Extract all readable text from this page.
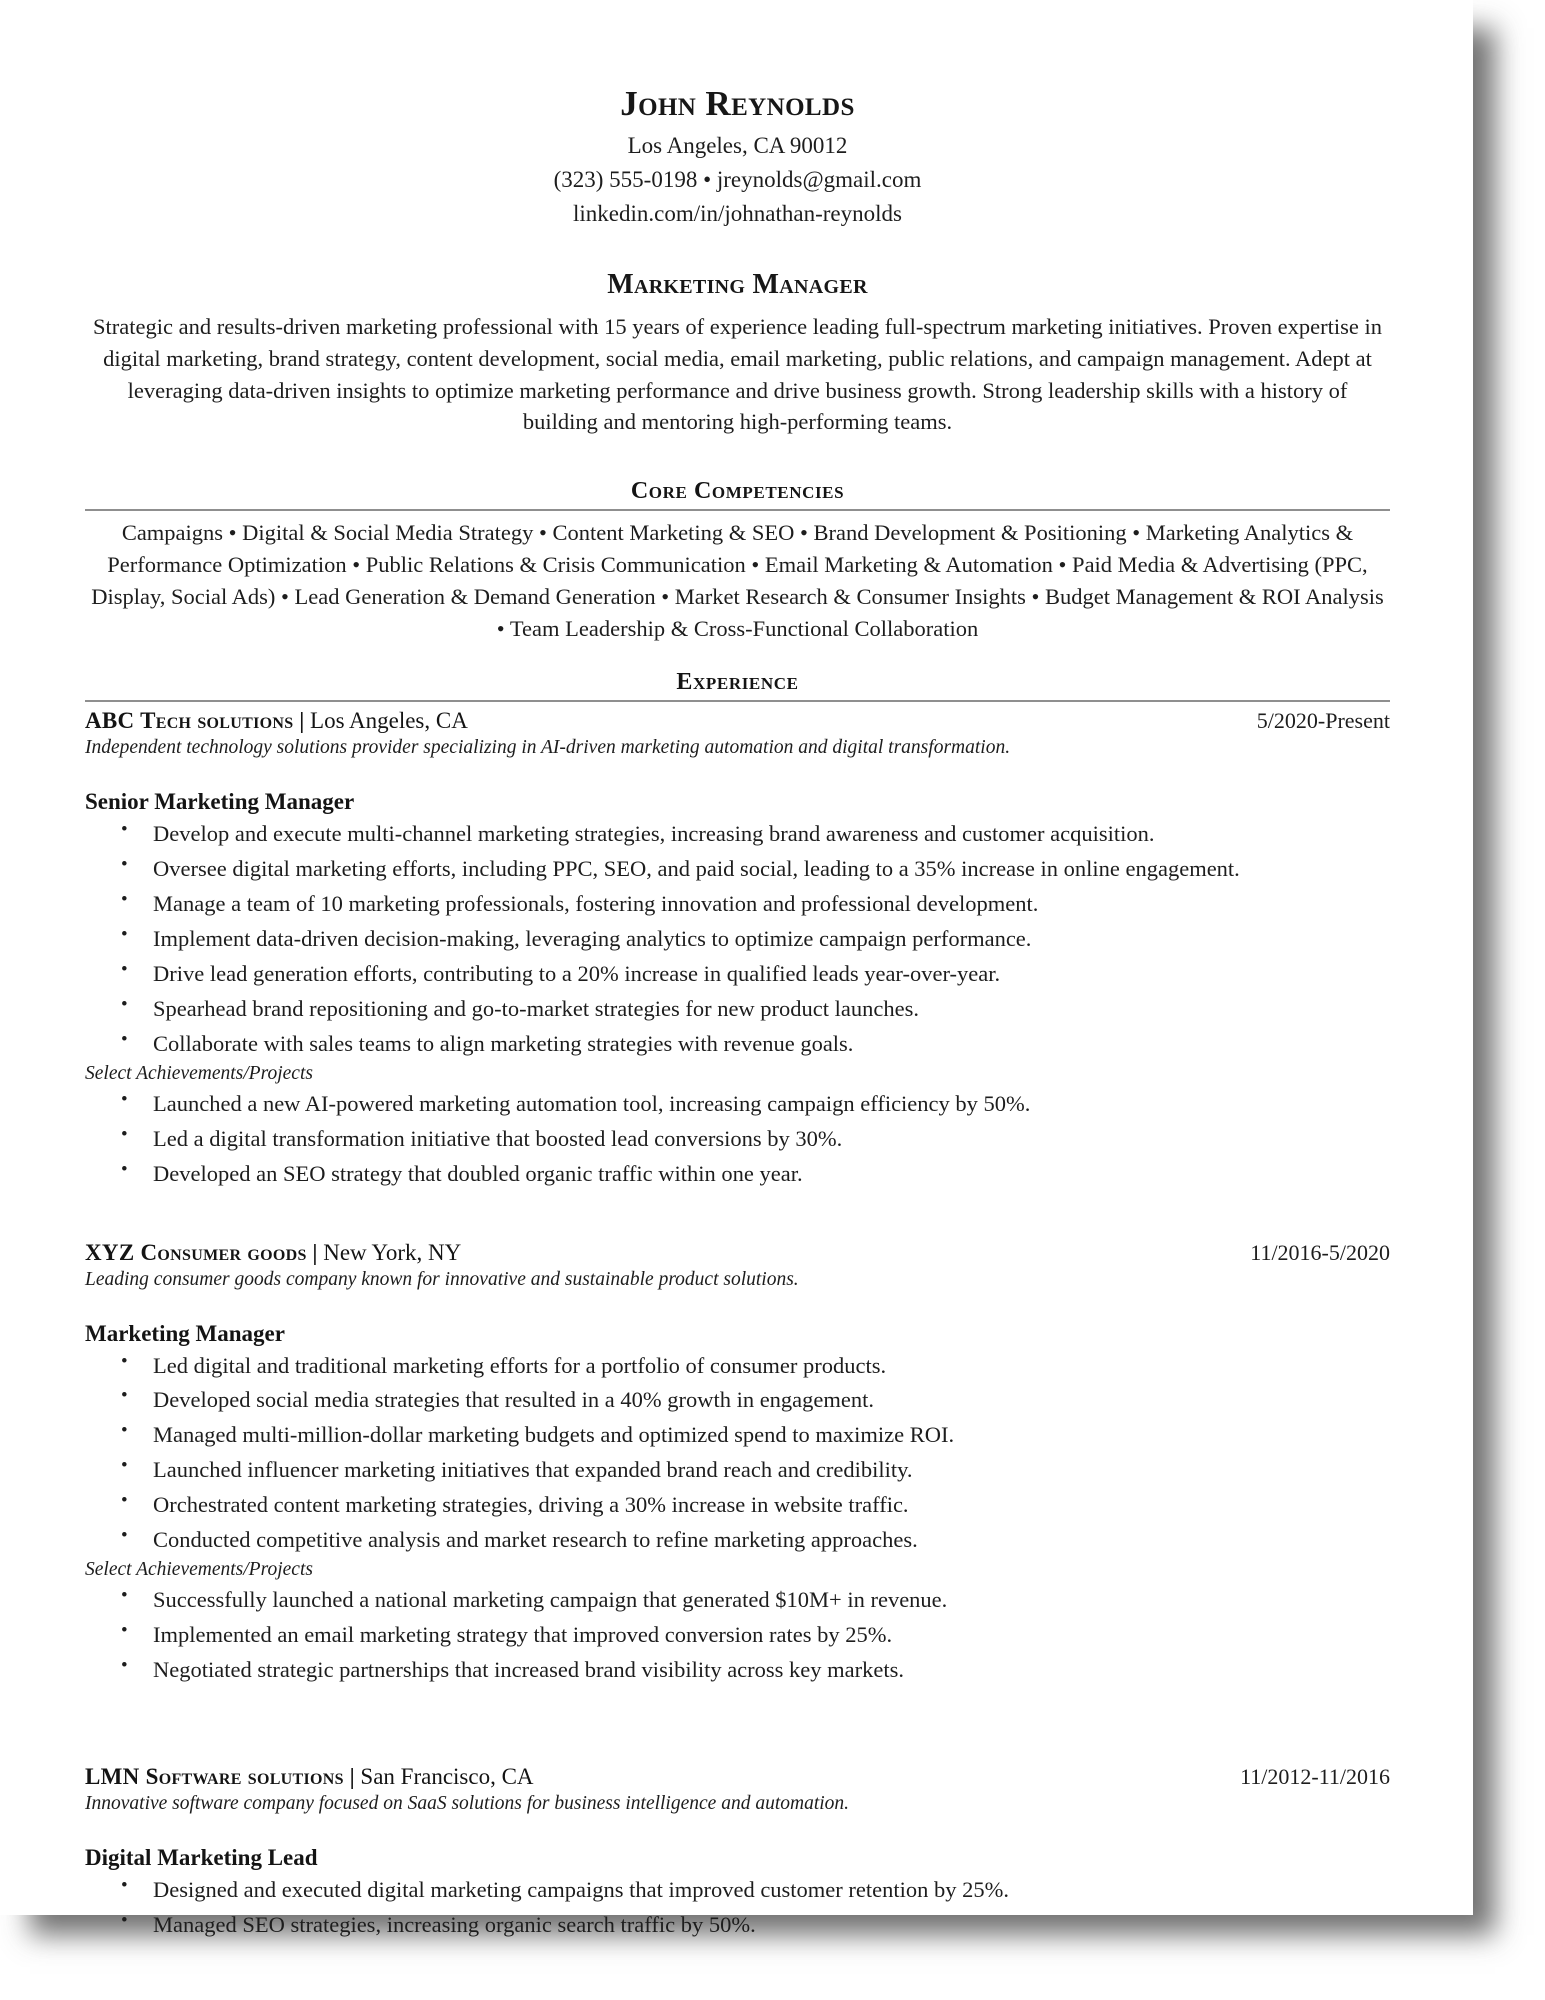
John Reynolds
Los Angeles, CA 90012
(323) 555-0198 • jreynolds@gmail.com
linkedin.com/in/johnathan-reynolds
Marketing Manager
Strategic and results-driven marketing professional with 15 years of experience leading full-spectrum marketing initiatives. Proven expertise in digital marketing, brand strategy, content development, social media, email marketing, public relations, and campaign management. Adept at leveraging data-driven insights to optimize marketing performance and drive business growth. Strong leadership skills with a history of building and mentoring high-performing teams.
Core Competencies
Campaigns • Digital & Social Media Strategy • Content Marketing & SEO • Brand Development & Positioning • Marketing Analytics & Performance Optimization • Public Relations & Crisis Communication • Email Marketing & Automation • Paid Media & Advertising (PPC, Display, Social Ads) • Lead Generation & Demand Generation • Market Research & Consumer Insights • Budget Management & ROI Analysis • Team Leadership & Cross-Functional Collaboration
Experience
ABC Tech solutions | Los Angeles, CA	5/2020-Present
Independent technology solutions provider specializing in AI-driven marketing automation and digital transformation.
Senior Marketing Manager
• Develop and execute multi-channel marketing strategies, increasing brand awareness and customer acquisition.
• Oversee digital marketing efforts, including PPC, SEO, and paid social, leading to a 35% increase in online engagement.
• Manage a team of 10 marketing professionals, fostering innovation and professional development.
• Implement data-driven decision-making, leveraging analytics to optimize campaign performance.
• Drive lead generation efforts, contributing to a 20% increase in qualified leads year-over-year.
• Spearhead brand repositioning and go-to-market strategies for new product launches.
• Collaborate with sales teams to align marketing strategies with revenue goals.
Select Achievements/Projects
• Launched a new AI-powered marketing automation tool, increasing campaign efficiency by 50%.
• Led a digital transformation initiative that boosted lead conversions by 30%.
• Developed an SEO strategy that doubled organic traffic within one year.
XYZ Consumer goods | New York, NY	11/2016-5/2020
Leading consumer goods company known for innovative and sustainable product solutions.
Marketing Manager
• Led digital and traditional marketing efforts for a portfolio of consumer products.
• Developed social media strategies that resulted in a 40% growth in engagement.
• Managed multi-million-dollar marketing budgets and optimized spend to maximize ROI.
• Launched influencer marketing initiatives that expanded brand reach and credibility.
• Orchestrated content marketing strategies, driving a 30% increase in website traffic.
• Conducted competitive analysis and market research to refine marketing approaches.
Select Achievements/Projects
• Successfully launched a national marketing campaign that generated $10M+ in revenue.
• Implemented an email marketing strategy that improved conversion rates by 25%.
• Negotiated strategic partnerships that increased brand visibility across key markets.
LMN Software solutions | San Francisco, CA	11/2012-11/2016
Innovative software company focused on SaaS solutions for business intelligence and automation.
Digital Marketing Lead
• Designed and executed digital marketing campaigns that improved customer retention by 25%.
• Managed SEO strategies, increasing organic search traffic by 50%.
